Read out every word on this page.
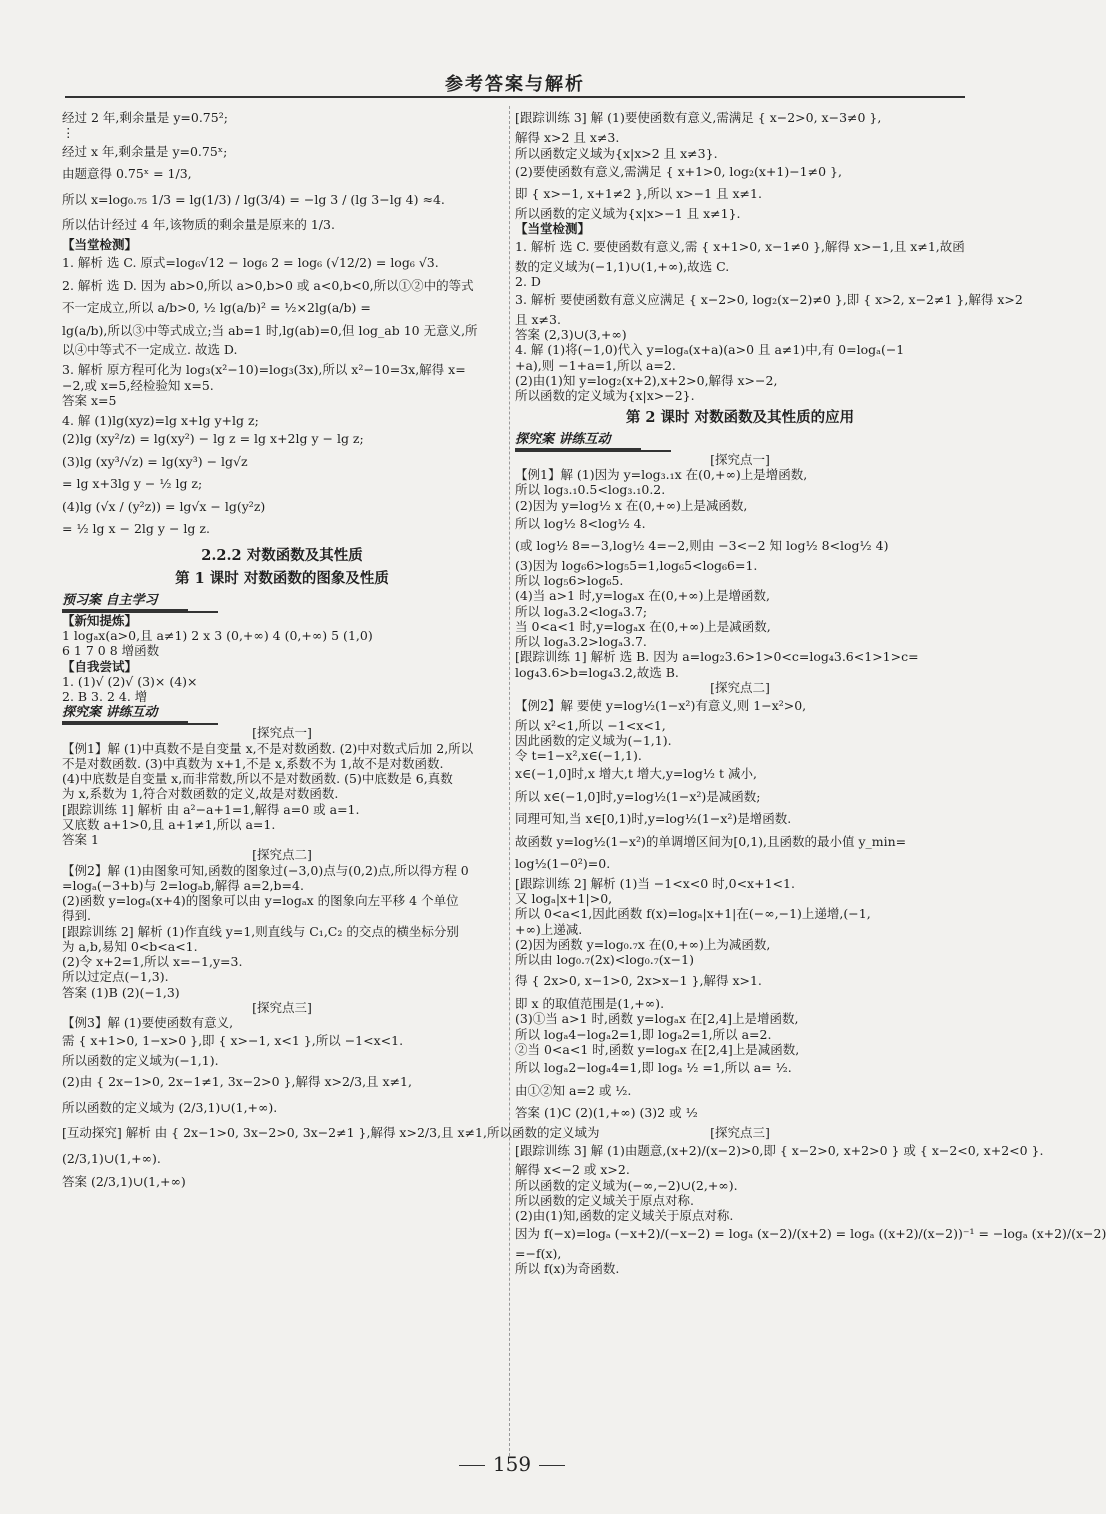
参考答案与解析
经过 2 年,剩余量是 y=0.75²;
⋮
经过 x 年,剩余量是 y=0.75ˣ;
由题意得 0.75ˣ = 1/3,
所以 x=log₀.₇₅ 1/3 = lg(1/3) / lg(3/4) = −lg 3 / (lg 3−lg 4) ≈4.
所以估计经过 4 年,该物质的剩余量是原来的 1/3.
【当堂检测】
1. 解析 选 C. 原式=log₆√12 − log₆ 2 = log₆ (√12/2) = log₆ √3.
2. 解析 选 D. 因为 ab>0,所以 a>0,b>0 或 a<0,b<0,所以①②中的等式
不一定成立,所以 a/b>0, ½ lg(a/b)² = ½×2lg(a/b) =
lg(a/b),所以③中等式成立;当 ab=1 时,lg(ab)=0,但 log_ab 10 无意义,所
以④中等式不一定成立. 故选 D.
3. 解析 原方程可化为 log₃(x²−10)=log₃(3x),所以 x²−10=3x,解得 x=
−2,或 x=5,经检验知 x=5.
答案 x=5
4. 解 (1)lg(xyz)=lg x+lg y+lg z;
(2)lg (xy²/z) = lg(xy²) − lg z = lg x+2lg y − lg z;
(3)lg (xy³/√z) = lg(xy³) − lg√z
= lg x+3lg y − ½ lg z;
(4)lg (√x / (y²z)) = lg√x − lg(y²z)
= ½ lg x − 2lg y − lg z.
2.2.2 对数函数及其性质
第 1 课时 对数函数的图象及性质
预习案 自主学习
【新知提炼】
1 logₐx(a>0,且 a≠1) 2 x 3 (0,+∞) 4 (0,+∞) 5 (1,0)
6 1 7 0 8 增函数
【自我尝试】
1. (1)√ (2)√ (3)× (4)×
2. B 3. 2 4. 增
探究案 讲练互动
[探究点一]
【例1】解 (1)中真数不是自变量 x,不是对数函数. (2)中对数式后加 2,所以
不是对数函数. (3)中真数为 x+1,不是 x,系数不为 1,故不是对数函数.
(4)中底数是自变量 x,而非常数,所以不是对数函数. (5)中底数是 6,真数
为 x,系数为 1,符合对数函数的定义,故是对数函数.
[跟踪训练 1] 解析 由 a²−a+1=1,解得 a=0 或 a=1.
又底数 a+1>0,且 a+1≠1,所以 a=1.
答案 1
[探究点二]
【例2】解 (1)由图象可知,函数的图象过(−3,0)点与(0,2)点,所以得方程 0
=logₐ(−3+b)与 2=logₐb,解得 a=2,b=4.
(2)函数 y=logₐ(x+4)的图象可以由 y=logₐx 的图象向左平移 4 个单位
得到.
[跟踪训练 2] 解析 (1)作直线 y=1,则直线与 C₁,C₂ 的交点的横坐标分别
为 a,b,易知 0<b<a<1.
(2)令 x+2=1,所以 x=−1,y=3.
所以过定点(−1,3).
答案 (1)B (2)(−1,3)
[探究点三]
【例3】解 (1)要使函数有意义,
需 { x+1>0, 1−x>0 },即 { x>−1, x<1 },所以 −1<x<1.
所以函数的定义域为(−1,1).
(2)由 { 2x−1>0, 2x−1≠1, 3x−2>0 },解得 x>2/3,且 x≠1,
所以函数的定义域为 (2/3,1)∪(1,+∞).
[互动探究] 解析 由 { 2x−1>0, 3x−2>0, 3x−2≠1 },解得 x>2/3,且 x≠1,所以函数的定义域为
(2/3,1)∪(1,+∞).
答案 (2/3,1)∪(1,+∞)
[跟踪训练 3] 解 (1)要使函数有意义,需满足 { x−2>0, x−3≠0 },
解得 x>2 且 x≠3.
所以函数定义域为{x|x>2 且 x≠3}.
(2)要使函数有意义,需满足 { x+1>0, log₂(x+1)−1≠0 },
即 { x>−1, x+1≠2 },所以 x>−1 且 x≠1.
所以函数的定义域为{x|x>−1 且 x≠1}.
【当堂检测】
1. 解析 选 C. 要使函数有意义,需 { x+1>0, x−1≠0 },解得 x>−1,且 x≠1,故函
数的定义域为(−1,1)∪(1,+∞),故选 C.
2. D
3. 解析 要使函数有意义应满足 { x−2>0, log₂(x−2)≠0 },即 { x>2, x−2≠1 },解得 x>2
且 x≠3.
答案 (2,3)∪(3,+∞)
4. 解 (1)将(−1,0)代入 y=logₐ(x+a)(a>0 且 a≠1)中,有 0=logₐ(−1
+a),则 −1+a=1,所以 a=2.
(2)由(1)知 y=log₂(x+2),x+2>0,解得 x>−2,
所以函数的定义域为{x|x>−2}.
第 2 课时 对数函数及其性质的应用
探究案 讲练互动
[探究点一]
【例1】解 (1)因为 y=log₃.₁x 在(0,+∞)上是增函数,
所以 log₃.₁0.5<log₃.₁0.2.
(2)因为 y=log½ x 在(0,+∞)上是减函数,
所以 log½ 8<log½ 4.
(或 log½ 8=−3,log½ 4=−2,则由 −3<−2 知 log½ 8<log½ 4)
(3)因为 log₆6>log₅5=1,log₆5<log₆6=1.
所以 log₅6>log₆5.
(4)当 a>1 时,y=logₐx 在(0,+∞)上是增函数,
所以 logₐ3.2<logₐ3.7;
当 0<a<1 时,y=logₐx 在(0,+∞)上是减函数,
所以 logₐ3.2>logₐ3.7.
[跟踪训练 1] 解析 选 B. 因为 a=log₂3.6>1>0<c=log₄3.6<1>1>c=
log₄3.6>b=log₄3.2,故选 B.
[探究点二]
【例2】解 要使 y=log½(1−x²)有意义,则 1−x²>0,
所以 x²<1,所以 −1<x<1,
因此函数的定义域为(−1,1).
令 t=1−x²,x∈(−1,1).
x∈(−1,0]时,x 增大,t 增大,y=log½ t 减小,
所以 x∈(−1,0]时,y=log½(1−x²)是减函数;
同理可知,当 x∈[0,1)时,y=log½(1−x²)是增函数.
故函数 y=log½(1−x²)的单调增区间为[0,1),且函数的最小值 y_min=
log½(1−0²)=0.
[跟踪训练 2] 解析 (1)当 −1<x<0 时,0<x+1<1.
又 logₐ|x+1|>0,
所以 0<a<1,因此函数 f(x)=logₐ|x+1|在(−∞,−1)上递增,(−1,
+∞)上递减.
(2)因为函数 y=log₀.₇x 在(0,+∞)上为减函数,
所以由 log₀.₇(2x)<log₀.₇(x−1)
得 { 2x>0, x−1>0, 2x>x−1 },解得 x>1.
即 x 的取值范围是(1,+∞).
(3)①当 a>1 时,函数 y=logₐx 在[2,4]上是增函数,
所以 logₐ4−logₐ2=1,即 logₐ2=1,所以 a=2.
②当 0<a<1 时,函数 y=logₐx 在[2,4]上是减函数,
所以 logₐ2−logₐ4=1,即 logₐ ½ =1,所以 a= ½.
由①②知 a=2 或 ½.
答案 (1)C (2)(1,+∞) (3)2 或 ½
[探究点三]
[跟踪训练 3] 解 (1)由题意,(x+2)/(x−2)>0,即 { x−2>0, x+2>0 } 或 { x−2<0, x+2<0 }.
解得 x<−2 或 x>2.
所以函数的定义域为(−∞,−2)∪(2,+∞).
所以函数的定义域关于原点对称.
(2)由(1)知,函数的定义域关于原点对称.
因为 f(−x)=logₐ (−x+2)/(−x−2) = logₐ (x−2)/(x+2) = logₐ ((x+2)/(x−2))⁻¹ = −logₐ (x+2)/(x−2)
=−f(x),
所以 f(x)为奇函数.
159
